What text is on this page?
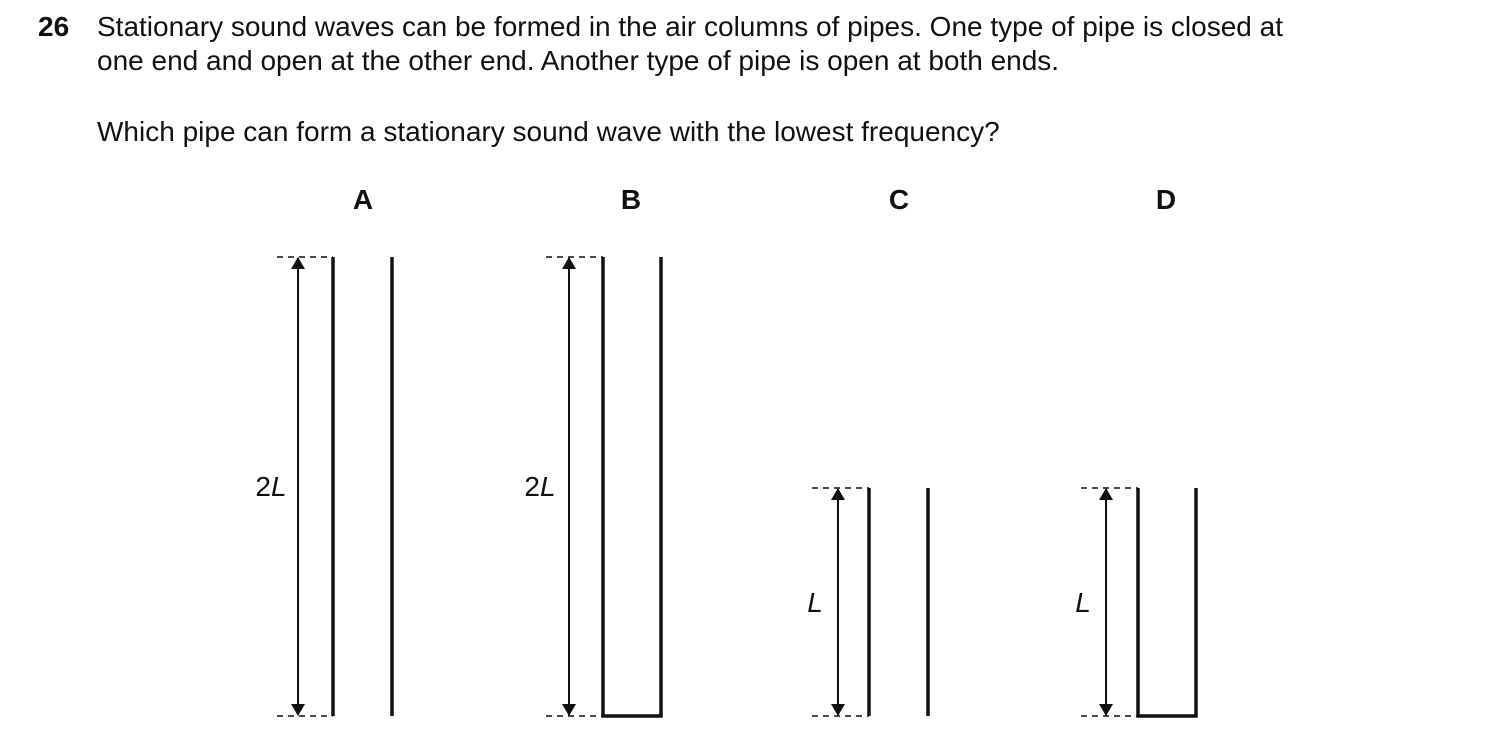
26 Stationary sound waves can be formed in the air columns of pipes. One type of pipe is closed at

one end and open at the other end. Another type of pipe is open at both ends.

Which pipe can form a stationary sound wave with the lowest frequency?
A	B	C	D
2L	2L
L	L
